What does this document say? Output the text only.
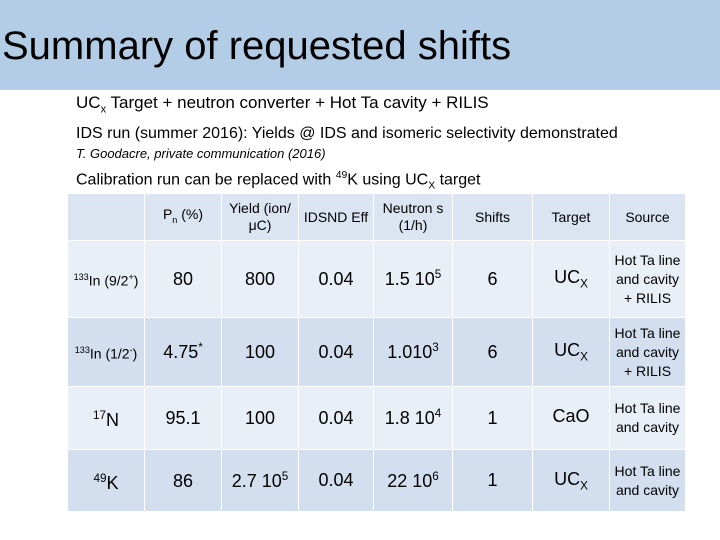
Summary of requested shifts
$UC_x$ Target + neutron converter + Hot Ta cavity + RILIS
IDS run (summer 2016): Yields @ IDS and isomeric selectivity demonstrated
T. Goodacre, private communication (2016)
Calibration run can be replaced with $^{49}$K using $UC_X$ target
	$P_n$ (%)	Yield (ion/μC)	IDSND Eff	Neutron s (1/h)	Shifts	Target	Source
$^{133}$In (9/2+)	80	800	0.04	1.5 $10^5$	6	$UC_X$	Hot Ta line and cavity + RILIS
$^{133}$In (1/2-)	4.75*	100	0.04	1.010$^3$	6	$UC_X$	Hot Ta line and cavity + RILIS
$^{17}$N	95.1	100	0.04	1.8 $10^4$	1	CaO	Hot Ta line and cavity
$^{49}$K	86	2.7 $10^5$	0.04	22 $10^6$	1	$UC_X$	Hot Ta line and cavity
